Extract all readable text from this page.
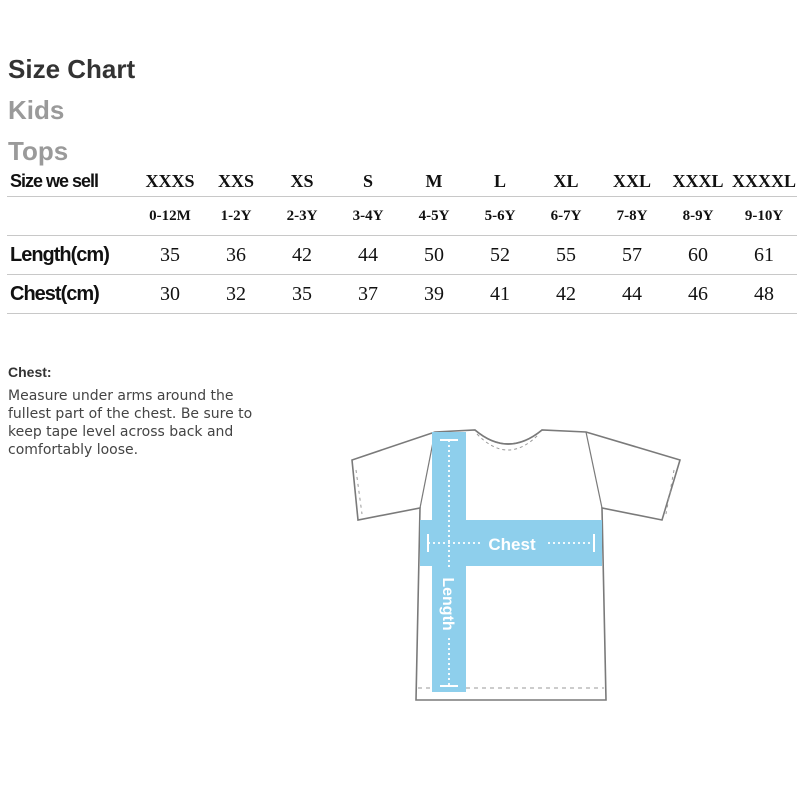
Size Chart
Kids
Tops
Size we sell	XXXS	XXS	XS	S	M	L	XL	XXL	XXXL	XXXXL
	0-12M	1-2Y	2-3Y	3-4Y	4-5Y	5-6Y	6-7Y	7-8Y	8-9Y	9-10Y
Length(cm)	35	36	42	44	50	52	55	57	60	61
Chest(cm)	30	32	35	37	39	41	42	44	46	48
Chest:
Measure under arms around the fullest part of the chest. Be sure to keep tape level across back and comfortably loose.
Chest
Length
